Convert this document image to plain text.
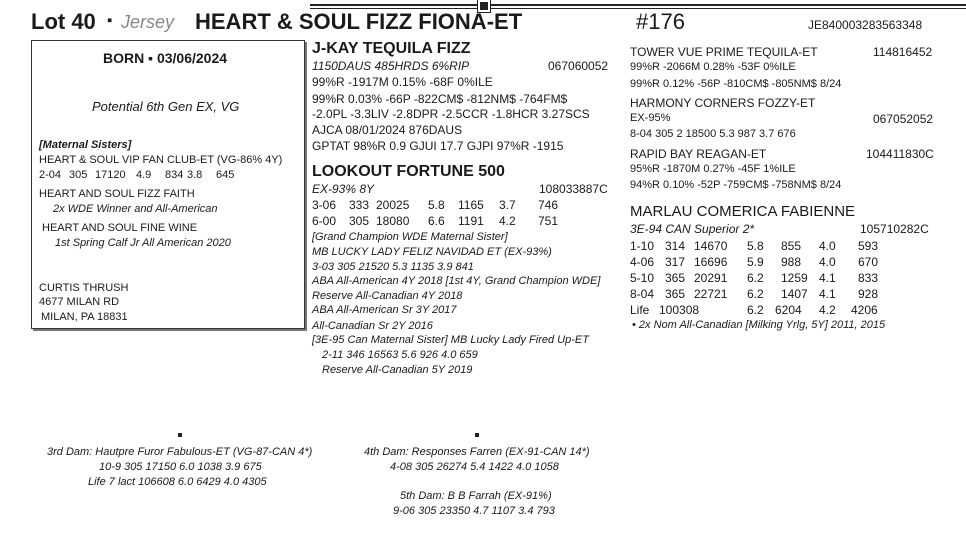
Lot 40 ▪ Jersey HEART & SOUL FIZZ FIONA-ET	#176	JE840003283563348
BORN ▪ 03/06/2024
Potential 6th Gen EX, VG
[Maternal Sisters]
HEART & SOUL VIP FAN CLUB-ET (VG-86% 4Y)
2-04 305 17120 4.9 834 3.8 645
HEART AND SOUL FIZZ FAITH
2x WDE Winner and All-American
HEART AND SOUL FINE WINE
1st Spring Calf Jr All American 2020
CURTIS THRUSH
4677 MILAN RD
MILAN, PA 18831
J-KAY TEQUILA FIZZ
1150DAUS 485HRDS 6%RIP	067060052
99%R -1917M 0.15% -68F 0%ILE
99%R 0.03% -66P -822CM$ -812NM$ -764FM$
-2.0PL -3.3LIV -2.8DPR -2.5CCR -1.8HCR 3.27SCS
AJCA 08/01/2024 876DAUS
GPTAT 98%R 0.9 GJUI 17.7 GJPI 97%R -1915
LOOKOUT FORTUNE 500
EX-93% 8Y	108033887C
3-06 333 20025 5.8 1165 3.7 746
6-00 305 18080 6.6 1191 4.2 751
[Grand Champion WDE Maternal Sister]
MB LUCKY LADY FELIZ NAVIDAD ET (EX-93%)
3-03 305 21520 5.3 1135 3.9 841
ABA All-American 4Y 2018 [1st 4Y, Grand Champion WDE]
Reserve All-Canadian 4Y 2018
ABA All-American Sr 3Y 2017
All-Canadian Sr 2Y 2016
[3E-95 Can Maternal Sister] MB Lucky Lady Fired Up-ET
2-11 346 16563 5.6 926 4.0 659
Reserve All-Canadian 5Y 2019
TOWER VUE PRIME TEQUILA-ET	114816452
99%R -2066M 0.28% -53F 0%ILE
99%R 0.12% -56P -810CM$ -805NM$ 8/24
HARMONY CORNERS FOZZY-ET
EX-95%	067052052
8-04 305 2 18500 5.3 987 3.7 676
RAPID BAY REAGAN-ET	104411830C
95%R -1870M 0.27% -45F 1%ILE
94%R 0.10% -52P -759CM$ -758NM$ 8/24
MARLAU COMERICA FABIENNE
3E-94 CAN Superior 2*	105710282C
1-10 314 14670 5.8 855 4.0 593
4-06 317 16696 5.9 988 4.0 670
5-10 365 20291 6.2 1259 4.1 833
8-04 365 22721 6.2 1407 4.1 928
Life 100308	6.2 6204 4.2 4206
• 2x Nom All-Canadian [Milking Yrlg, 5Y] 2011, 2015
3rd Dam: Hautpre Furor Fabulous-ET (VG-87-CAN 4*)
10-9 305 17150 6.0 1038 3.9 675
Life 7 lact 106608 6.0 6429 4.0 4305
4th Dam: Responses Farren (EX-91-CAN 14*)
4-08 305 26274 5.4 1422 4.0 1058
5th Dam: B B Farrah (EX-91%)
9-06 305 23350 4.7 1107 3.4 793
